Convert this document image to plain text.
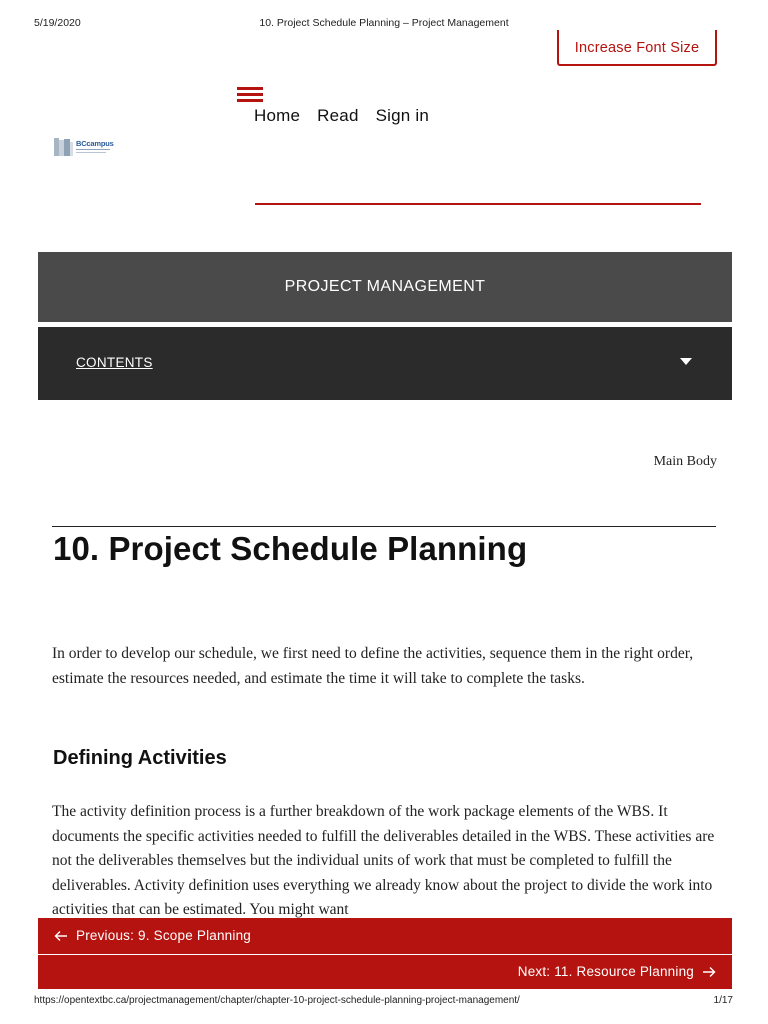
5/19/2020	10. Project Schedule Planning – Project Management
Increase Font Size
Home Read Sign in
BCcampus
PROJECT MANAGEMENT
CONTENTS
Main Body
10. Project Schedule Planning

In order to develop our schedule, we first need to define the activities, sequence them in the right order, estimate the resources needed, and estimate the time it will take to complete the tasks.

Defining Activities

The activity definition process is a further breakdown of the work package elements of the WBS. It documents the specific activities needed to fulfill the deliverables detailed in the WBS. These activities are not the deliverables themselves but the individual units of work that must be completed to fulfill the deliverables. Activity definition uses everything we already know about the project to divide the work into activities that can be estimated. You might want

Previous: 9. Scope Planning
Next: 11. Resource Planning
https://opentextbc.ca/projectmanagement/chapter/chapter-10-project-schedule-planning-project-management/	1/17
